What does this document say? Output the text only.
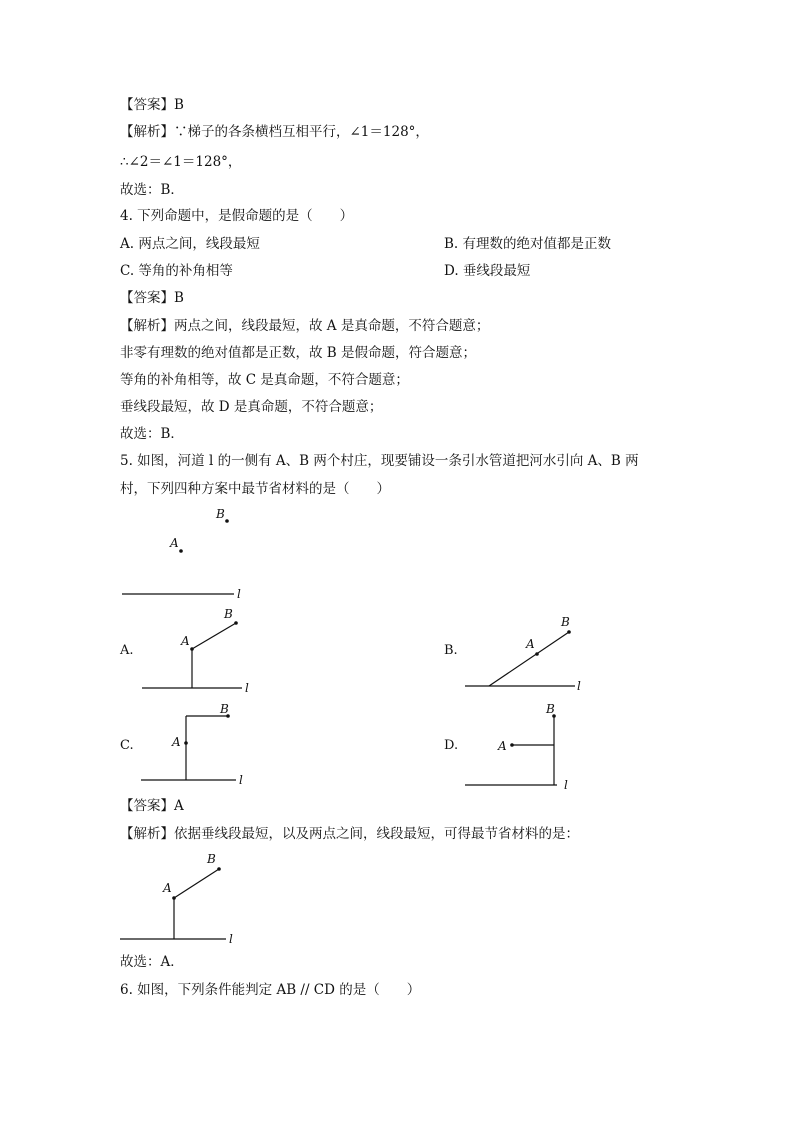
【答案】B
【解析】∵梯子的各条横档互相平行，∠1＝128°，
∴∠2＝∠1＝128°，
故选：B．
4. 下列命题中，是假命题的是（　　）
A. 两点之间，线段最短	B. 有理数的绝对值都是正数
C. 等角的补角相等	D. 垂线段最短
【答案】B
【解析】两点之间，线段最短，故 A 是真命题，不符合题意；
非零有理数的绝对值都是正数，故 B 是假命题，符合题意；
等角的补角相等，故 C 是真命题，不符合题意；
垂线段最短，故 D 是真命题，不符合题意；
故选：B．
5. 如图，河道 l 的一侧有 A、B 两个村庄，现要铺设一条引水管道把河水引向 A、B 两
村，下列四种方案中最节省材料的是（　　）
B
A
l
A.
A
B
l
B.	A
B
l
C.	A
B
l
D.	A
B
l
【答案】A
【解析】依据垂线段最短，以及两点之间，线段最短，可得最节省材料的是：
A
B
l
故选：A．
6. 如图，下列条件能判定 AB // CD 的是（　　）
